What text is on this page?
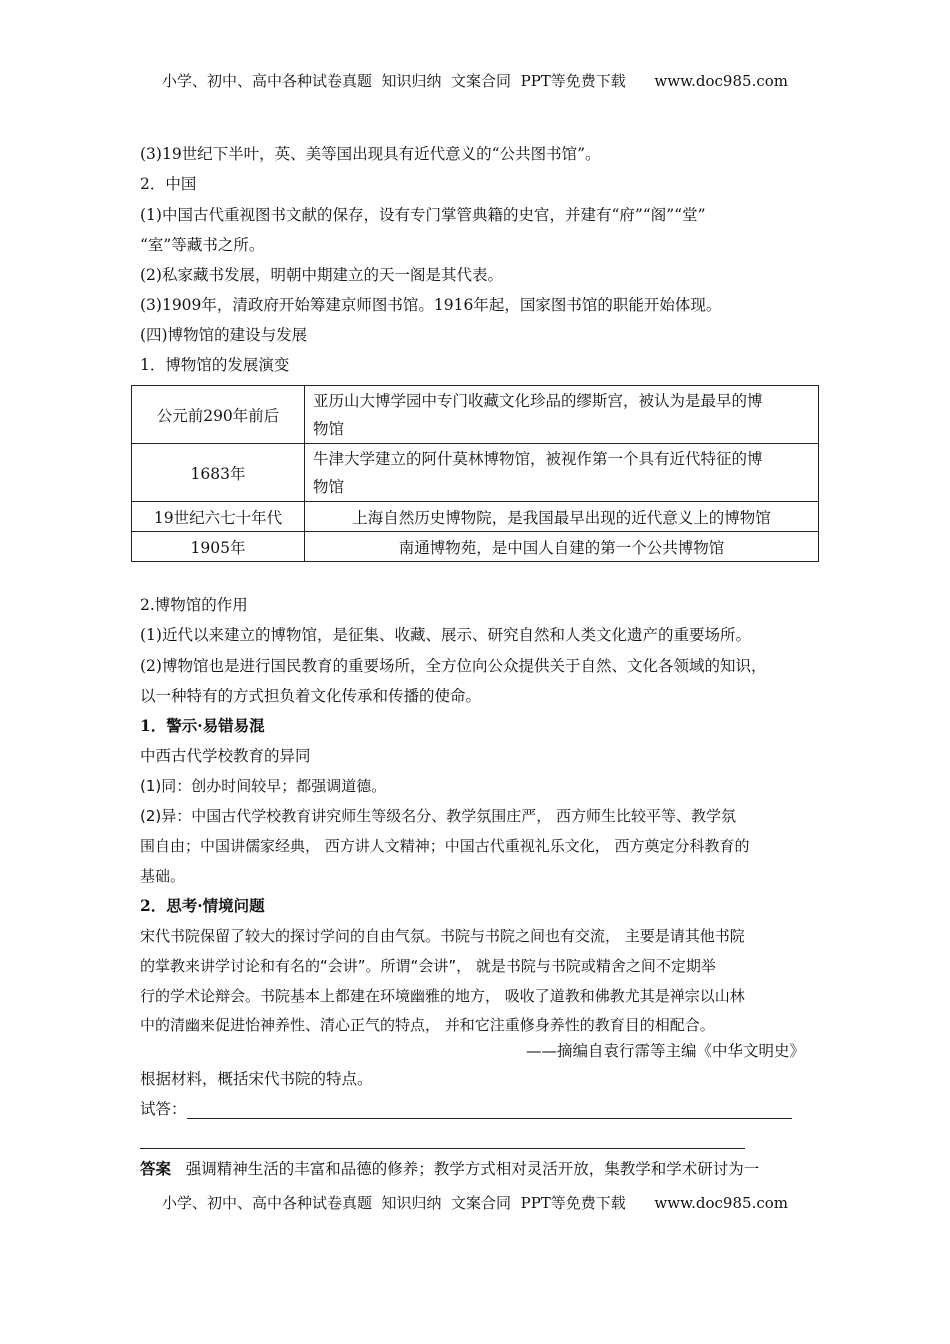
小学、初中、高中各种试卷真题  知识归纳  文案合同  PPT等免费下载      www.doc985.com
(3)19世纪下半叶，英、美等国出现具有近代意义的“公共图书馆”。
2．中国
(1)中国古代重视图书文献的保存，设有专门掌管典籍的史官，并建有“府”“阁”“堂”
“室”等藏书之所。
(2)私家藏书发展，明朝中期建立的天一阁是其代表。
(3)1909年，清政府开始筹建京师图书馆。1916年起，国家图书馆的职能开始体现。
(四)博物馆的建设与发展
1．博物馆的发展演变
公元前290年前后	亚历山大博学园中专门收藏文化珍品的缪斯宫，被认为是最早的博
物馆

1683年	牛津大学建立的阿什莫林博物馆，被视作第一个具有近代特征的博
物馆

19世纪六七十年代	上海自然历史博物院，是我国最早出现的近代意义上的博物馆
1905年	南通博物苑，是中国人自建的第一个公共博物馆
2.博物馆的作用
(1)近代以来建立的博物馆，是征集、收藏、展示、研究自然和人类文化遗产的重要场所。
(2)博物馆也是进行国民教育的重要场所，全方位向公众提供关于自然、文化各领域的知识，
以一种特有的方式担负着文化传承和传播的使命。
1．警示·易错易混
中西古代学校教育的异同
(1)同：创办时间较早；都强调道德。
(2)异：中国古代学校教育讲究师生等级名分、教学氛围庄严， 西方师生比较平等、教学氛
围自由；中国讲儒家经典， 西方讲人文精神；中国古代重视礼乐文化， 西方奠定分科教育的
基础。
2．思考·情境问题
宋代书院保留了较大的探讨学问的自由气氛。书院与书院之间也有交流， 主要是请其他书院
的掌教来讲学讨论和有名的“会讲”。所谓“会讲”， 就是书院与书院或精舍之间不定期举
行的学术论辩会。书院基本上都建在环境幽雅的地方， 吸收了道教和佛教尤其是禅宗以山林
中的清幽来促进怡神养性、清心正气的特点， 并和它注重修身养性的教育目的相配合。
——摘编自袁行霈等主编《中华文明史》
根据材料，概括宋代书院的特点。
试答：
答案 强调精神生活的丰富和品德的修养；教学方式相对灵活开放，集教学和学术研讨为一
小学、初中、高中各种试卷真题  知识归纳  文案合同  PPT等免费下载      www.doc985.com
